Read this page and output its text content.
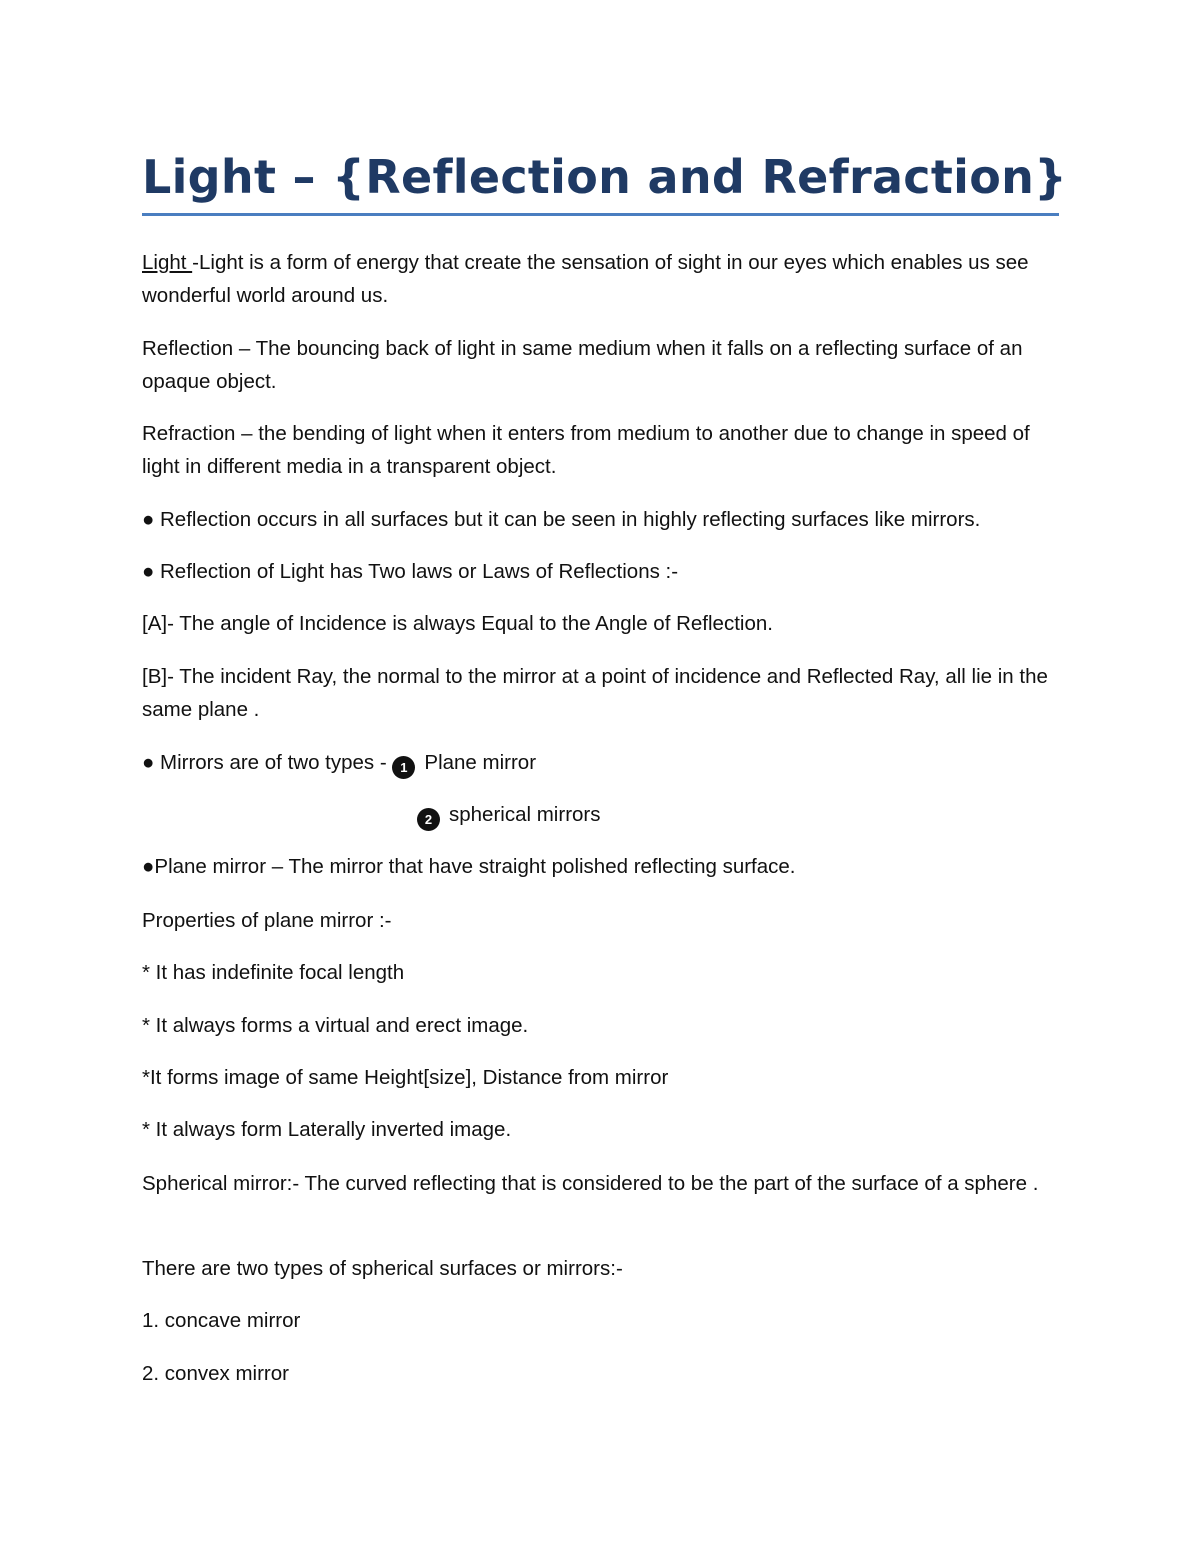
Light – {Reflection and Refraction}

Light -Light is a form of energy that create the sensation of sight in our eyes which enables us see wonderful world around us.

Reflection – The bouncing back of light in same medium when it falls on a reflecting surface of an opaque object.

Refraction – the bending of light when it enters from medium to another due to change in speed of light in different media in a transparent object.

● Reflection occurs in all surfaces but it can be seen in highly reflecting surfaces like mirrors.

● Reflection of Light has Two laws or Laws of Reflections :-

[A]- The angle of Incidence is always Equal to the Angle of Reflection.

[B]- The incident Ray, the normal to the mirror at a point of incidence and Reflected Ray, all lie in the same plane .

● Mirrors are of two types - 1 Plane mirror

2 spherical mirrors

●Plane mirror – The mirror that have straight polished reflecting surface.

Properties of plane mirror :-

* It has indefinite focal length

* It always forms a virtual and erect image.

*It forms image of same Height[size], Distance from mirror

* It always form Laterally inverted image.

Spherical mirror:- The curved reflecting that is considered to be the part of the surface of a sphere .

There are two types of spherical surfaces or mirrors:-

1. concave mirror

2. convex mirror
